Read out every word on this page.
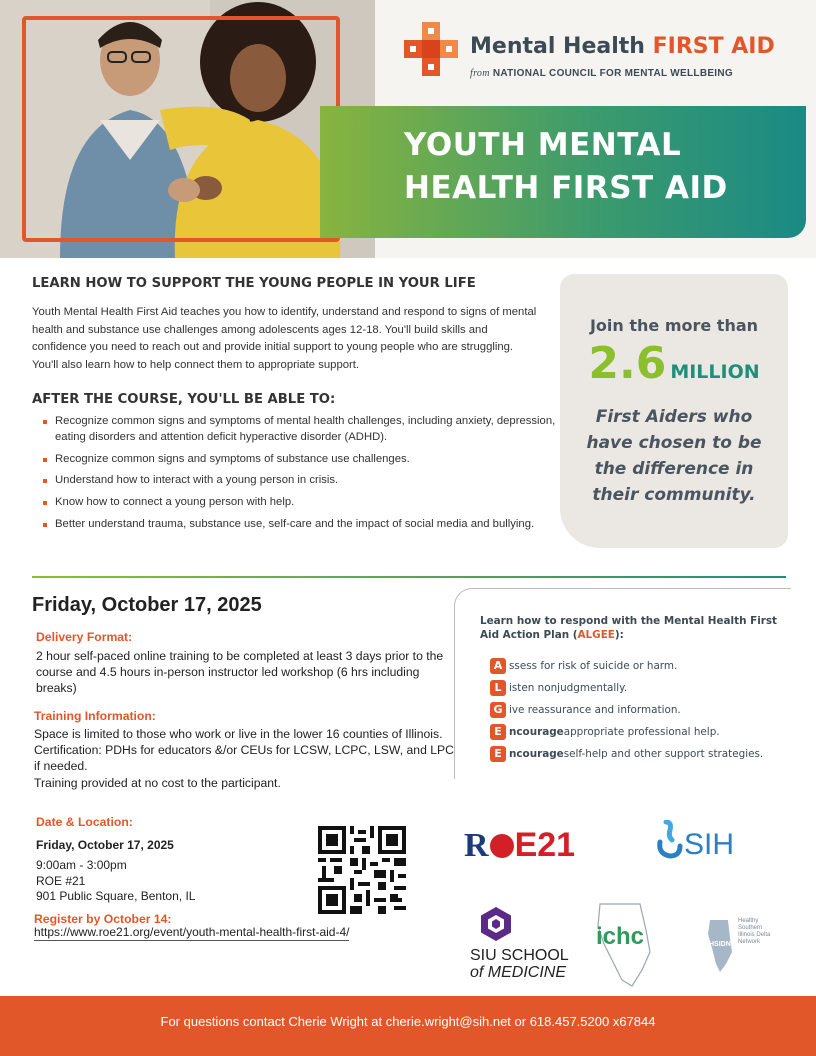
YOUTH MENTAL
HEALTH FIRST AID
Mental Health FIRST AID
from NATIONAL COUNCIL FOR MENTAL WELLBEING
LEARN HOW TO SUPPORT THE YOUNG PEOPLE IN YOUR LIFE
Youth Mental Health First Aid teaches you how to identify, understand and respond to signs of mental health and substance use challenges among adolescents ages 12-18. You'll build skills and confidence you need to reach out and provide initial support to young people who are struggling. You'll also learn how to help connect them to appropriate support.
AFTER THE COURSE, YOU'LL BE ABLE TO:
Recognize common signs and symptoms of mental health challenges, including anxiety, depression, eating disorders and attention deficit hyperactive disorder (ADHD).
Recognize common signs and symptoms of substance use challenges.
Understand how to interact with a young person in crisis.
Know how to connect a young person with help.
Better understand trauma, substance use, self-care and the impact of social media and bullying.
Join the more than
2.6 MILLION
First Aiders who have chosen to be the difference in their community.
Friday, October 17, 2025
Delivery Format:
2 hour self-paced online training to be completed at least 3 days prior to the course and 4.5 hours in-person instructor led workshop (6 hrs including breaks)
Training Information:
Space is limited to those who work or live in the lower 16 counties of Illinois. Certification: PDHs for educators &/or CEUs for LCSW, LCPC, LSW, and LPC if needed.
Training provided at no cost to the participant.
Date & Location:
Friday, October 17, 2025
9:00am - 3:00pm
ROE #21
901 Public Square, Benton, IL
Register by October 14:
https://www.roe21.org/event/youth-mental-health-first-aid-4/
Learn how to respond with the Mental Health First Aid Action Plan (ALGEE):
A ssess for risk of suicide or harm.
L isten nonjudgmentally.
G ive reassurance and information.
E ncourage appropriate professional help.
E ncourage self-help and other support strategies.
R E21	SIH
SIU SCHOOL
of MEDICINE
ichc	HSIDN
Healthy Southern Illinois Delta Network
For questions contact Cherie Wright at cherie.wright@sih.net or 618.457.5200 x67844
